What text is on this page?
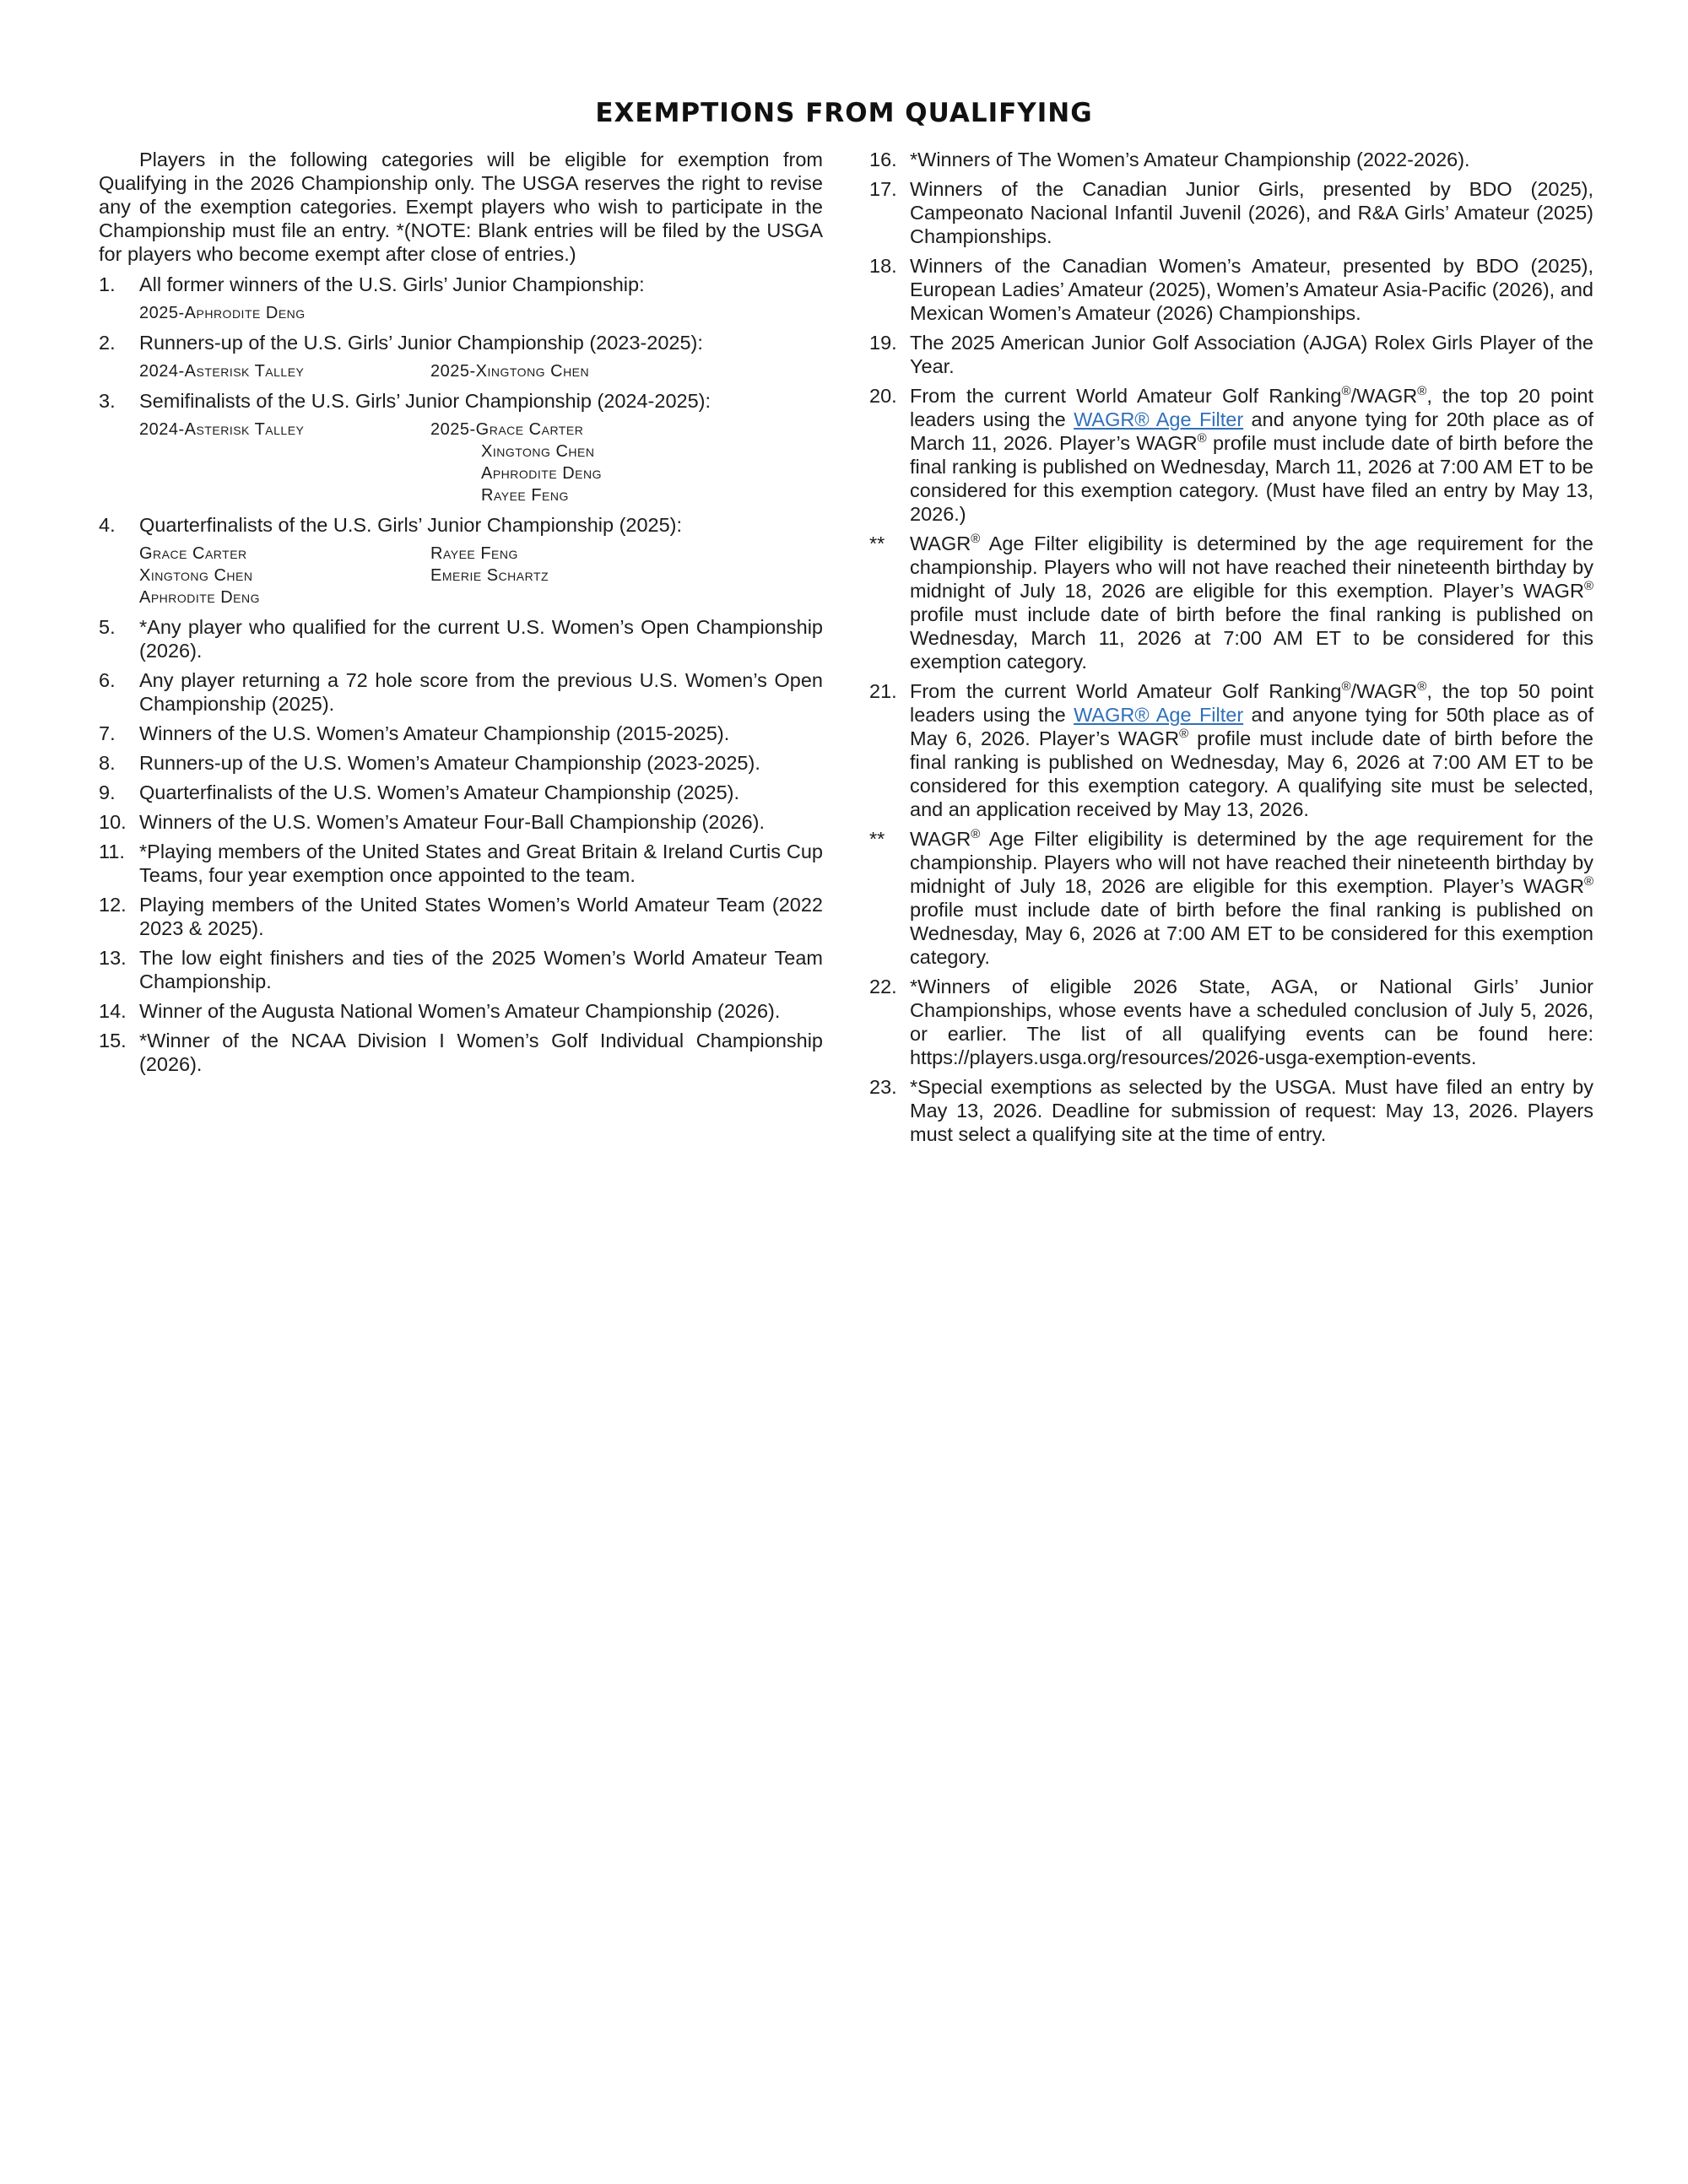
EXEMPTIONS FROM QUALIFYING

Players in the following categories will be eligible for exemption from Qualifying in the 2026 Championship only. The USGA reserves the right to revise any of the exemption categories. Exempt players who wish to participate in the Championship must file an entry. *(NOTE: Blank entries will be filed by the USGA for players who become exempt after close of entries.)

1.	All former winners of the U.S. Girls’ Junior Championship:
2025-Aphrodite Deng
2.	Runners-up of the U.S. Girls’ Junior Championship (2023-2025):
2024-Asterisk Talley	2025-Xingtong Chen
3.	Semifinalists of the U.S. Girls’ Junior Championship (2024-2025):
2024-Asterisk Talley	2025-Grace Carter
Xingtong Chen
Aphrodite Deng
Rayee Feng
4.	Quarterfinalists of the U.S. Girls’ Junior Championship (2025):
Grace Carter	Rayee Feng
Xingtong Chen	Emerie Schartz
Aphrodite Deng
5.	*Any player who qualified for the current U.S. Women’s Open Championship (2026).
6.	Any player returning a 72 hole score from the previous U.S. Women’s Open Championship (2025).
7.	Winners of the U.S. Women’s Amateur Championship (2015-2025).
8.	Runners-up of the U.S. Women’s Amateur Championship (2023-2025).
9.	Quarterfinalists of the U.S. Women’s Amateur Championship (2025).
10. Winners of the U.S. Women’s Amateur Four-Ball Championship (2026).
11. *Playing members of the United States and Great Britain & Ireland Curtis Cup Teams, four year exemption once appointed to the team.
12. Playing members of the United States Women’s World Amateur Team (2022 2023 & 2025).
13. The low eight finishers and ties of the 2025 Women’s World Amateur Team Championship.
14. Winner of the Augusta National Women’s Amateur Championship (2026).
15. *Winner of the NCAA Division I Women’s Golf Individual Championship (2026).
16. *Winners of The Women’s Amateur Championship (2022-2026).
17. Winners of the Canadian Junior Girls, presented by BDO (2025), Campeonato Nacional Infantil Juvenil (2026), and R&A Girls’ Amateur (2025) Championships.
18. Winners of the Canadian Women’s Amateur, presented by BDO (2025), European Ladies’ Amateur (2025), Women’s Amateur Asia-Pacific (2026), and Mexican Women’s Amateur (2026) Championships.
19. The 2025 American Junior Golf Association (AJGA) Rolex Girls Player of the Year.
20. From the current World Amateur Golf Ranking®/WAGR®, the top 20 point leaders using the WAGR® Age Filter and anyone tying for 20th place as of March 11, 2026. Player’s WAGR® profile must include date of birth before the final ranking is published on Wednesday, March 11, 2026 at 7:00 AM ET to be considered for this exemption category. (Must have filed an entry by May 13, 2026.)
**	WAGR® Age Filter eligibility is determined by the age requirement for the championship. Players who will not have reached their nineteenth birthday by midnight of July 18, 2026 are eligible for this exemption. Player’s WAGR® profile must include date of birth before the final ranking is published on Wednesday, March 11, 2026 at 7:00 AM ET to be considered for this exemption category.
21. From the current World Amateur Golf Ranking®/WAGR®, the top 50 point leaders using the WAGR® Age Filter and anyone tying for 50th place as of May 6, 2026. Player’s WAGR® profile must include date of birth before the final ranking is published on Wednesday, May 6, 2026 at 7:00 AM ET to be considered for this exemption category. A qualifying site must be selected, and an application received by May 13, 2026.
**	WAGR® Age Filter eligibility is determined by the age requirement for the championship. Players who will not have reached their nineteenth birthday by midnight of July 18, 2026 are eligible for this exemption. Player’s WAGR® profile must include date of birth before the final ranking is published on Wednesday, May 6, 2026 at 7:00 AM ET to be considered for this exemption category.
22. *Winners of eligible 2026 State, AGA, or National Girls’ Junior Championships, whose events have a scheduled conclusion of July 5, 2026, or earlier. The list of all qualifying events can be found here: https://players.usga.org/resources/2026-usga-exemption-events.
23. *Special exemptions as selected by the USGA. Must have filed an entry by May 13, 2026. Deadline for submission of request: May 13, 2026. Players must select a qualifying site at the time of entry.
